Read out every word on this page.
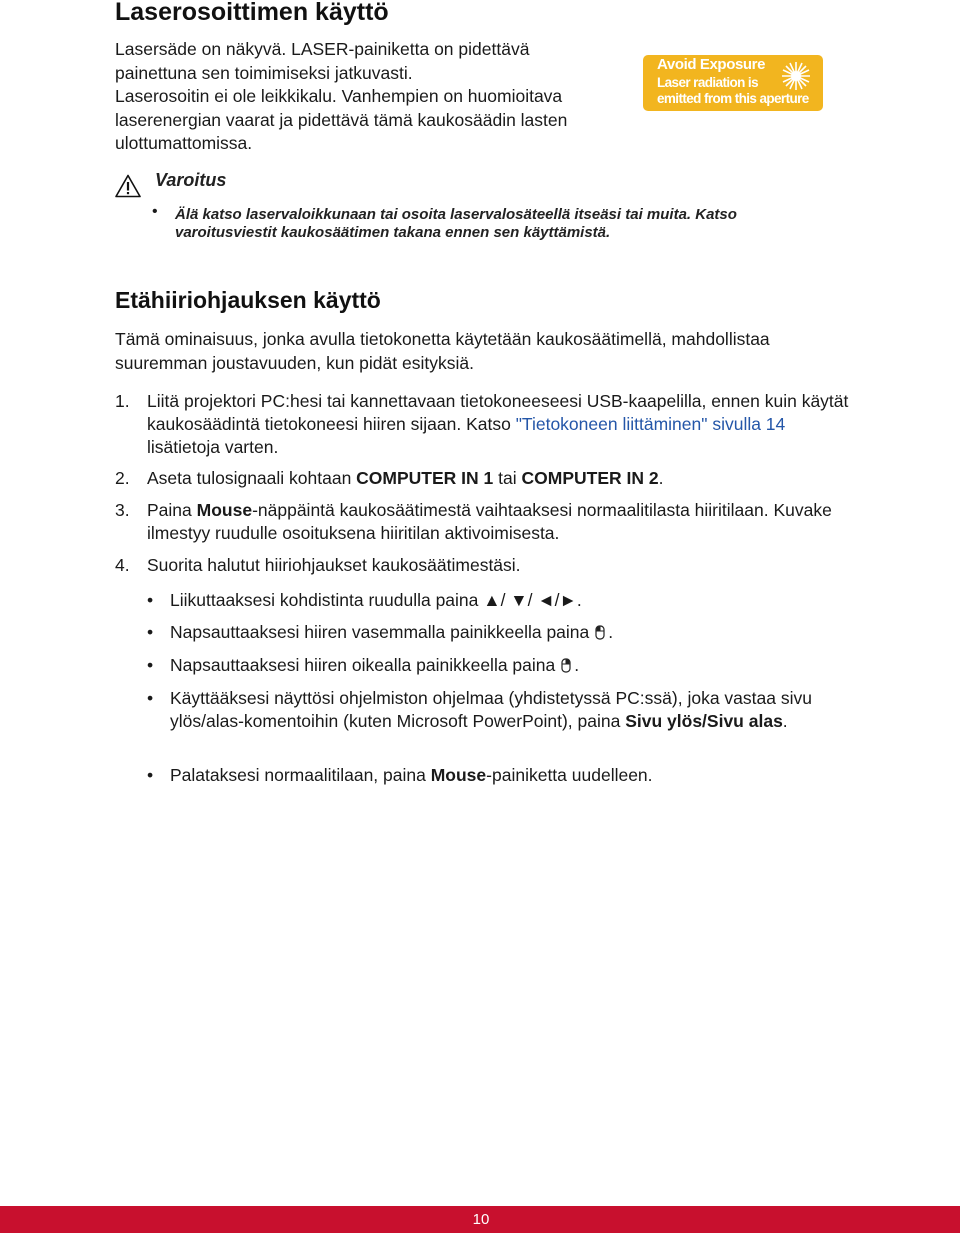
Laserosoittimen käyttö

Lasersäde on näkyvä. LASER-painiketta on pidettävä painettuna sen toimimiseksi jatkuvasti.

Laserosoitin ei ole leikkikalu. Vanhempien on huomioitava laserenergian vaarat ja pidettävä tämä kaukosäädin lasten ulottumattomissa.

Avoid Exposure
Laser radiation is
emitted from this aperture
Varoitus
• Älä katso laservaloikkunaan tai osoita laservalosäteellä itseäsi tai muita. Katso varoitusviestit kaukosäätimen takana ennen sen käyttämistä.
Etähiiriohjauksen käyttö
Tämä ominaisuus, jonka avulla tietokonetta käytetään kaukosäätimellä, mahdollistaa suuremman joustavuuden, kun pidät esityksiä.
1. Liitä projektori PC:hesi tai kannettavaan tietokoneeseesi USB-kaapelilla, ennen kuin käytät kaukosäädintä tietokoneesi hiiren sijaan. Katso "Tietokoneen liittäminen" sivulla 14 lisätietoja varten.
2. Aseta tulosignaali kohtaan COMPUTER IN 1 tai COMPUTER IN 2.
3. Paina Mouse-näppäintä kaukosäätimestä vaihtaaksesi normaalitilasta hiiritilaan. Kuvake ilmestyy ruudulle osoituksena hiiritilan aktivoimisesta.
4. Suorita halutut hiiriohjaukset kaukosäätimestäsi.
• Liikuttaaksesi kohdistinta ruudulla paina ▲/ ▼/ ◄/►.
• Napsauttaaksesi hiiren vasemmalla painikkeella paina .
• Napsauttaaksesi hiiren oikealla painikkeella paina .
• Käyttääksesi näyttösi ohjelmiston ohjelmaa (yhdistetyssä PC:ssä), joka vastaa sivu ylös/alas-komentoihin (kuten Microsoft PowerPoint), paina Sivu ylös/Sivu alas.
• Palataksesi normaalitilaan, paina Mouse-painiketta uudelleen.
10
